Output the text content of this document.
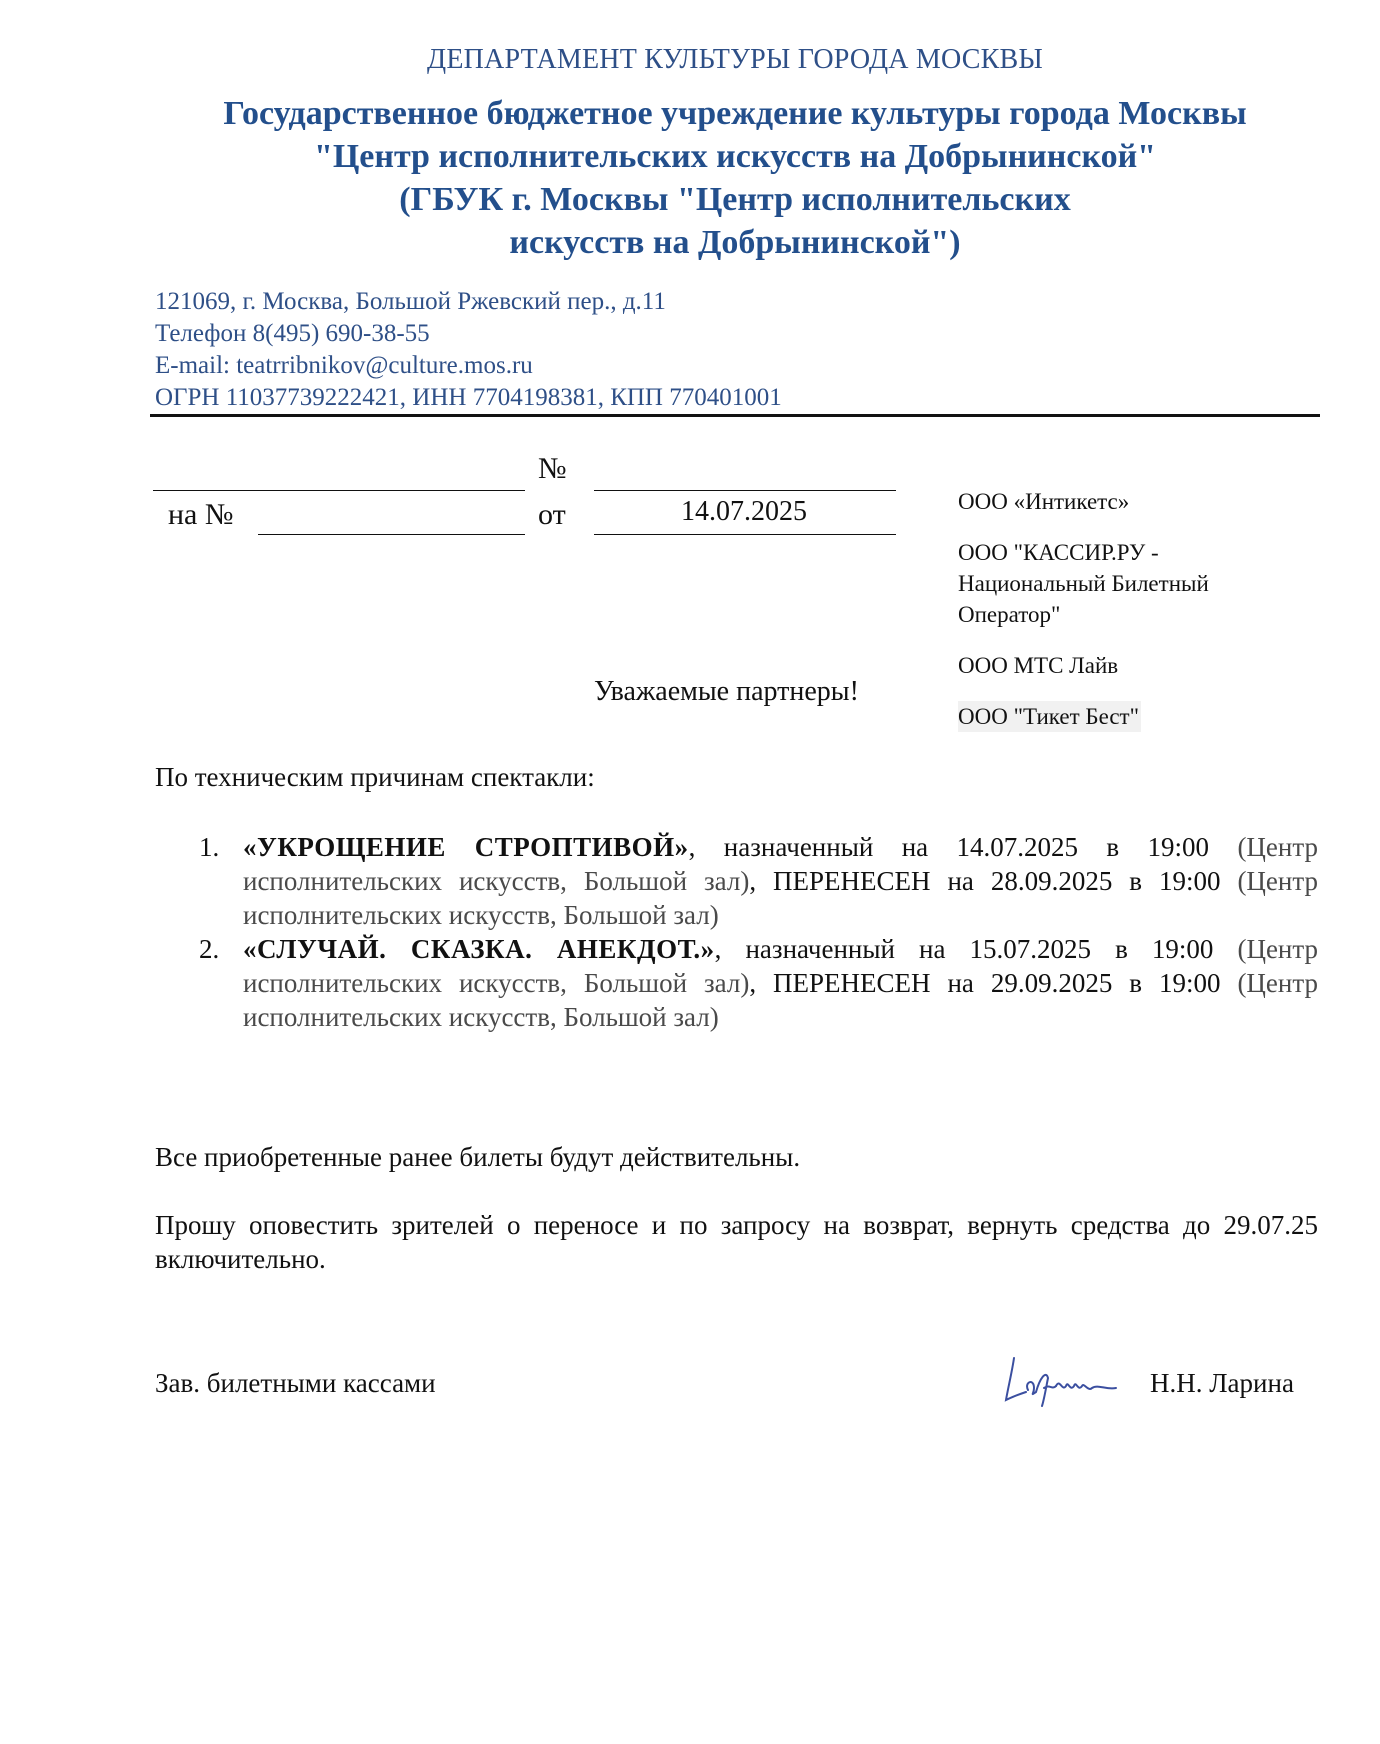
ДЕПАРТАМЕНТ КУЛЬТУРЫ ГОРОДА МОСКВЫ
Государственное бюджетное учреждение культуры города Москвы
"Центр исполнительских искусств на Добрынинской"
(ГБУК г. Москвы "Центр исполнительских
искусств на Добрынинской")
121069, г. Москва, Большой Ржевский пер., д.11
Телефон 8(495) 690-38-55
E-mail: teatrribnikov@culture.mos.ru
ОГРН 11037739222421, ИНН 7704198381, КПП 770401001
№
на №	от	14.07.2025	ООО «Интикетс»
ООО "КАССИР.РУ - Национальный Билетный Оператор"
ООО МТС Лайв
ООО "Тикет Бест"
Уважаемые партнеры!
По техническим причинам спектакли:
1. «УКРОЩЕНИЕ СТРОПТИВОЙ», назначенный на 14.07.2025 в 19:00 (Центр исполнительских искусств, Большой зал), ПЕРЕНЕСЕН на 28.09.2025 в 19:00 (Центр исполнительских искусств, Большой зал)
2. «СЛУЧАЙ. СКАЗКА. АНЕКДОТ.», назначенный на 15.07.2025 в 19:00 (Центр исполнительских искусств, Большой зал), ПЕРЕНЕСЕН на 29.09.2025 в 19:00 (Центр исполнительских искусств, Большой зал)
Все приобретенные ранее билеты будут действительны.
Прошу оповестить зрителей о переносе и по запросу на возврат, вернуть средства до 29.07.25 включительно.
Зав. билетными кассами	Н.Н. Ларина
